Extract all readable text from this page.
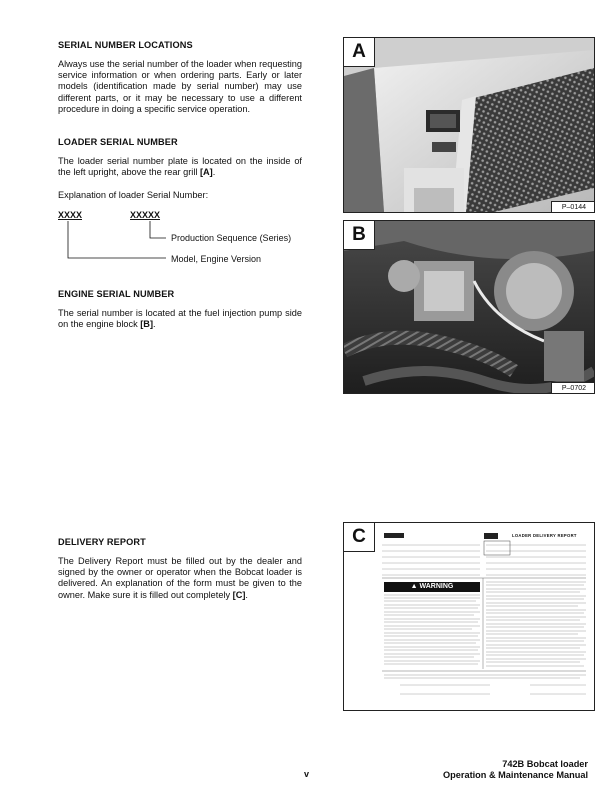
SERIAL NUMBER LOCATIONS
Always use the serial number of the loader when requesting service information or when ordering parts. Early or later models (identification made by serial number) may use different parts, or it may be necessary to use a different procedure in doing a specific service operation.
LOADER SERIAL NUMBER
The loader serial number plate is located on the inside of the left upright, above the rear grill [A].
Explanation of loader Serial Number:
XXXX	XXXXX
Production Sequence (Series)
Model, Engine Version
ENGINE SERIAL NUMBER
The serial number is located at the fuel injection pump side on the engine block [B].
DELIVERY REPORT
The Delivery Report must be filled out by the dealer and signed by the owner or operator when the Bobcat loader is delivered. An explanation of the form must be given to the owner. Make sure it is filled out completely [C].
A
P–0144
B
P–0702
C	LOADER DELIVERY REPORT
▲ WARNING
v
742B Bobcat loader
Operation & Maintenance Manual
